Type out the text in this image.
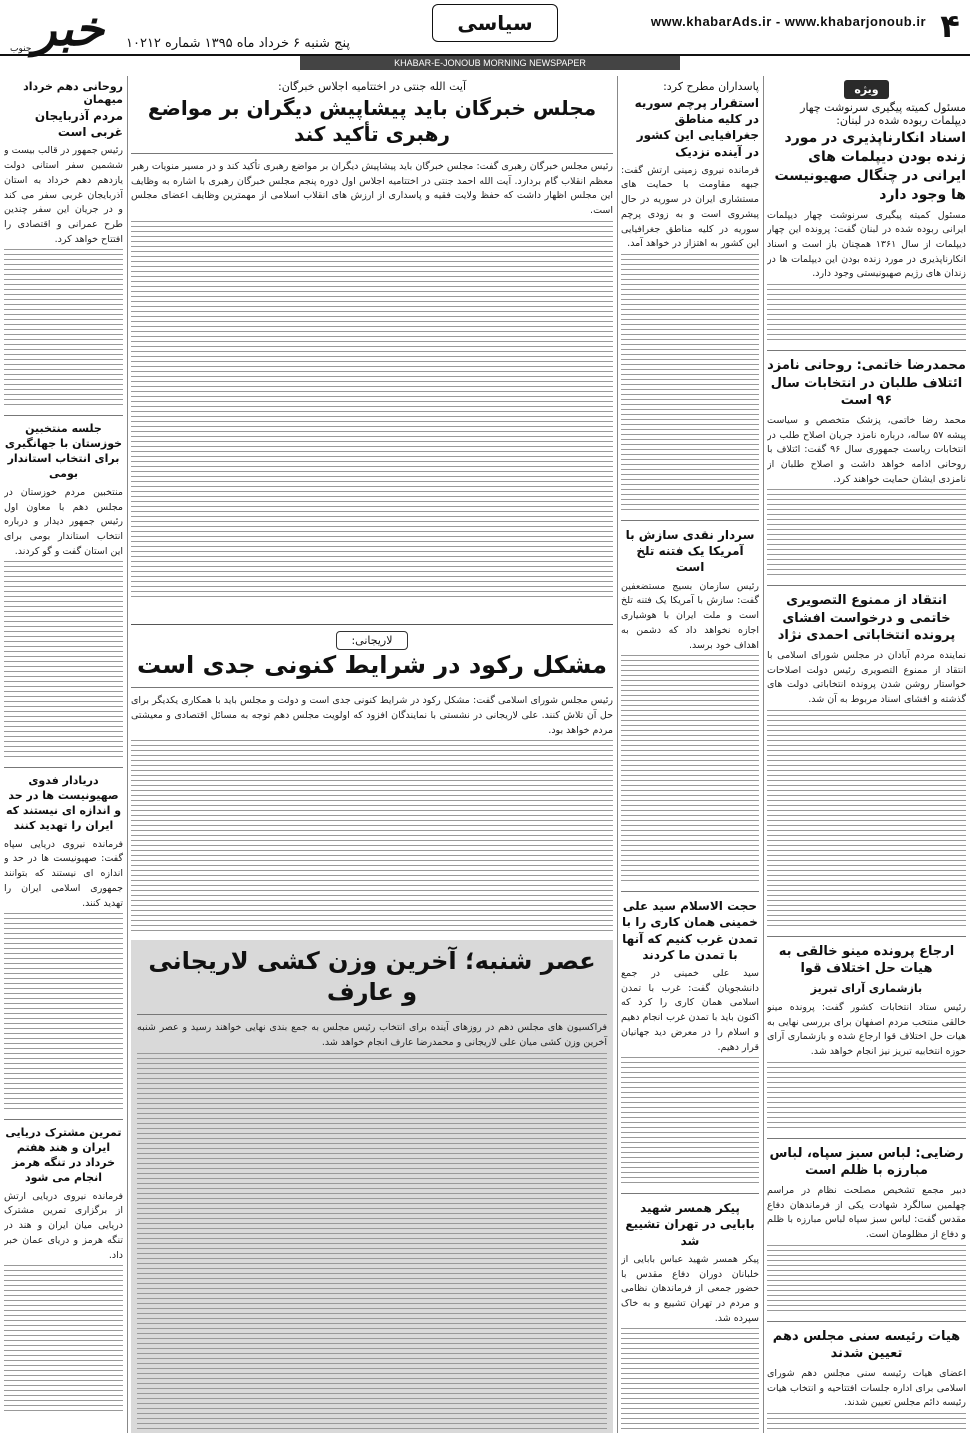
۴
www.khabarAds.ir - www.khabarjonoub.ir
سیاسی
پنج شنبه ۶ خرداد ماه ۱۳۹۵ شماره ۱۰۲۱۲
خبر
جنوب
KHABAR-E-JONOUB MORNING NEWSPAPER
ویژه
مسئول کمیته پیگیری سرنوشت چهار دیپلمات ربوده شده در لبنان:
اسناد انکارناپذیری در مورد زنده بودن دیپلمات های ایرانی در چنگال صهیونیست ها وجود دارد
مسئول کمیته پیگیری سرنوشت چهار دیپلمات ایرانی ربوده شده در لبنان گفت: پرونده این چهار دیپلمات از سال ۱۳۶۱ همچنان باز است و اسناد انکارناپذیری در مورد زنده بودن این دیپلمات ها در زندان های رژیم صهیونیستی وجود دارد.
محمدرضا خاتمی: روحانی نامزد ائتلاف طلبان در انتخابات سال ۹۶ است
محمد رضا خاتمی، پزشک متخصص و سیاست پیشه ۵۷ ساله، درباره نامزد جریان اصلاح طلب در انتخابات ریاست جمهوری سال ۹۶ گفت: ائتلاف با روحانی ادامه خواهد داشت و اصلاح طلبان از نامزدی ایشان حمایت خواهند کرد.
انتقاد از ممنوع التصویری خاتمی و درخواست افشای پرونده انتخاباتی احمدی نژاد
نماینده مردم آبادان در مجلس شورای اسلامی با انتقاد از ممنوع التصویری رئیس دولت اصلاحات خواستار روشن شدن پرونده انتخاباتی دولت های گذشته و افشای اسناد مربوط به آن شد.
ارجاع پرونده مینو خالقی به هیات حل اختلاف قوا
بازشماری آرای تبریز
رئیس ستاد انتخابات کشور گفت: پرونده مینو خالقی منتخب مردم اصفهان برای بررسی نهایی به هیات حل اختلاف قوا ارجاع شده و بازشماری آرای حوزه انتخابیه تبریز نیز انجام خواهد شد.
رضایی: لباس سبز سپاه، لباس مبارزه با ظلم است
دبیر مجمع تشخیص مصلحت نظام در مراسم چهلمین سالگرد شهادت یکی از فرماندهان دفاع مقدس گفت: لباس سبز سپاه لباس مبارزه با ظلم و دفاع از مظلومان است.
هیات رئیسه سنی مجلس دهم تعیین شدند
اعضای هیات رئیسه سنی مجلس دهم شورای اسلامی برای اداره جلسات افتتاحیه و انتخاب هیات رئیسه دائم مجلس تعیین شدند.
پاسداران مطرح کرد:
استقرار پرچم سوریه در کلیه مناطق جغرافیایی این کشور در آینده نزدیک
فرمانده نیروی زمینی ارتش گفت: جبهه مقاومت با حمایت های مستشاری ایران در سوریه در حال پیشروی است و به زودی پرچم سوریه در کلیه مناطق جغرافیایی این کشور به اهتزاز در خواهد آمد.
سردار نقدی سازش با آمریکا یک فتنه تلخ است
رئیس سازمان بسیج مستضعفین گفت: سازش با آمریکا یک فتنه تلخ است و ملت ایران با هوشیاری اجازه نخواهد داد که دشمن به اهداف خود برسد.
حجت الاسلام سید علی خمینی همان کاری را با تمدن غرب کنیم که آنها با تمدن ما کردند
سید علی خمینی در جمع دانشجویان گفت: غرب با تمدن اسلامی همان کاری را کرد که اکنون باید با تمدن غرب انجام دهیم و اسلام را در معرض دید جهانیان قرار دهیم.
پیکر همسر شهید بابایی در تهران تشییع شد
پیکر همسر شهید عباس بابایی از خلبانان دوران دفاع مقدس با حضور جمعی از فرماندهان نظامی و مردم در تهران تشییع و به خاک سپرده شد.
آیت الله جنتی در اختتامیه اجلاس خبرگان:
مجلس خبرگان باید پیشاپیش دیگران بر مواضع رهبری تأکید کند
رئیس مجلس خبرگان رهبری گفت: مجلس خبرگان باید پیشاپیش دیگران بر مواضع رهبری تأکید کند و در مسیر منویات رهبر معظم انقلاب گام بردارد. آیت الله احمد جنتی در اختتامیه اجلاس اول دوره پنجم مجلس خبرگان رهبری با اشاره به وظایف این مجلس اظهار داشت که حفظ ولایت فقیه و پاسداری از ارزش های انقلاب اسلامی از مهمترین وظایف اعضای مجلس است.
لاریجانی:
مشکل رکود در شرایط کنونی جدی است
رئیس مجلس شورای اسلامی گفت: مشکل رکود در شرایط کنونی جدی است و دولت و مجلس باید با همکاری یکدیگر برای حل آن تلاش کنند. علی لاریجانی در نشستی با نمایندگان افزود که اولویت مجلس دهم توجه به مسائل اقتصادی و معیشتی مردم خواهد بود.
عصر شنبه؛ آخرین وزن کشی لاریجانی و عارف
فراکسیون های مجلس دهم در روزهای آینده برای انتخاب رئیس مجلس به جمع بندی نهایی خواهند رسید و عصر شنبه آخرین وزن کشی میان علی لاریجانی و محمدرضا عارف انجام خواهد شد.
روحانی دهم خرداد میهمان
مردم آذربایجان غربی است
رئیس جمهور در قالب بیست و ششمین سفر استانی دولت یازدهم دهم خرداد به استان آذربایجان غربی سفر می کند و در جریان این سفر چندین طرح عمرانی و اقتصادی را افتتاح خواهد کرد.
جلسه منتخبین خوزستان با جهانگیری برای انتخاب استاندار بومی
منتخبین مردم خوزستان در مجلس دهم با معاون اول رئیس جمهور دیدار و درباره انتخاب استاندار بومی برای این استان گفت و گو کردند.
دریادار فدوی صهیونیست ها در حد و اندازه ای نیستند که ایران را تهدید کنند
فرمانده نیروی دریایی سپاه گفت: صهیونیست ها در حد و اندازه ای نیستند که بتوانند جمهوری اسلامی ایران را تهدید کنند.
تمرین مشترک دریایی ایران و هند هفتم خرداد در تنگه هرمز انجام می شود
فرمانده نیروی دریایی ارتش از برگزاری تمرین مشترک دریایی میان ایران و هند در تنگه هرمز و دریای عمان خبر داد.
